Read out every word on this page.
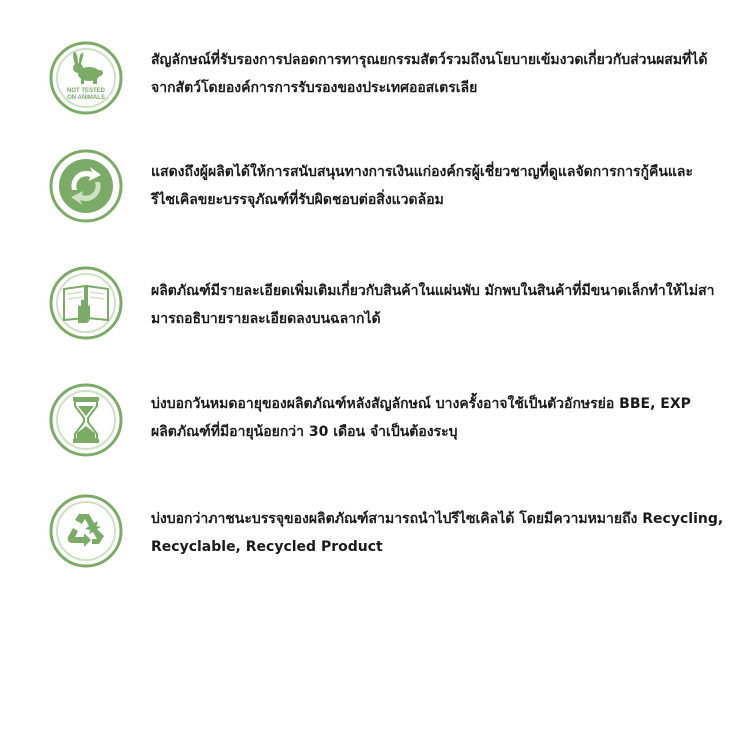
NOT TESTED
ON ANIMALS
สัญลักษณ์ที่รับรองการปลอดการทารุณยกรรมสัตว์รวมถึงนโยบายเข้มงวดเกี่ยวกับส่วนผสมที่ได้
จากสัตว์โดยองค์การการรับรองของประเทศออสเตรเลีย
แสดงถึงผู้ผลิตได้ให้การสนับสนุนทางการเงินแก่องค์กรผู้เชี่ยวชาญที่ดูแลจัดการการกู้คืนและ
รีไซเคิลขยะบรรจุภัณฑ์ที่รับผิดชอบต่อสิ่งแวดล้อม
ผลิตภัณฑ์มีรายละเอียดเพิ่มเติมเกี่ยวกับสินค้าในแผ่นพับ มักพบในสินค้าที่มีขนาดเล็กทำให้ไม่สา
มารถอธิบายรายละเอียดลงบนฉลากได้
บ่งบอกวันหมดอายุของผลิตภัณฑ์หลังสัญลักษณ์ บางครั้งอาจใช้เป็นตัวอักษรย่อ BBE, EXP
ผลิตภัณฑ์ที่มีอายุน้อยกว่า 30 เดือน จำเป็นต้องระบุ
บ่งบอกว่าภาชนะบรรจุของผลิตภัณฑ์สามารถนำไปรีไซเคิลได้ โดยมีความหมายถึง Recycling,
Recyclable, Recycled Product
